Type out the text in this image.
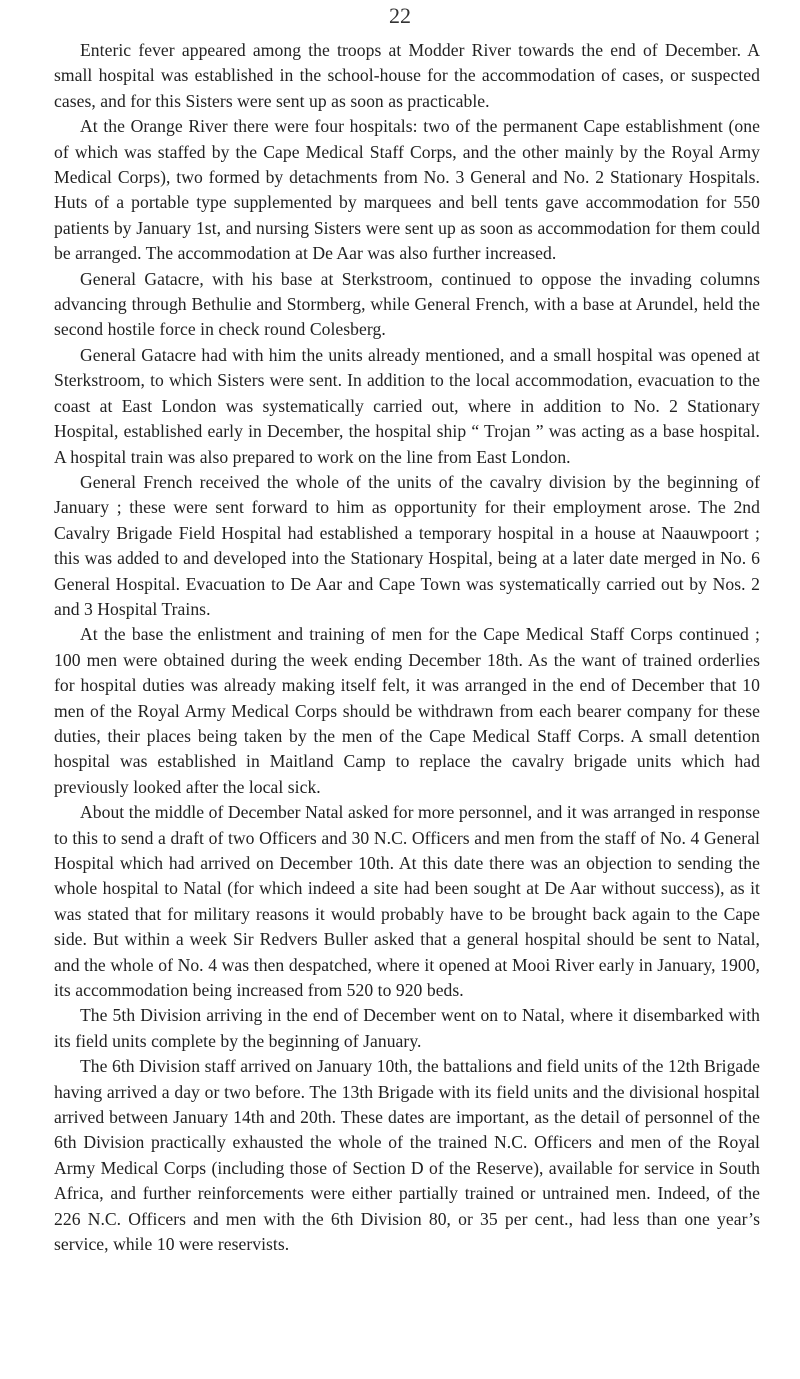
22

Enteric fever appeared among the troops at Modder River towards the end of December. A small hospital was established in the school-house for the accommodation of cases, or suspected cases, and for this Sisters were sent up as soon as practicable.

At the Orange River there were four hospitals: two of the permanent Cape establishment (one of which was staffed by the Cape Medical Staff Corps, and the other mainly by the Royal Army Medical Corps), two formed by detachments from No. 3 General and No. 2 Stationary Hospitals. Huts of a portable type supplemented by marquees and bell tents gave accommodation for 550 patients by January 1st, and nursing Sisters were sent up as soon as accommodation for them could be arranged. The accommodation at De Aar was also further increased.

General Gatacre, with his base at Sterkstroom, continued to oppose the invading columns advancing through Bethulie and Stormberg, while General French, with a base at Arundel, held the second hostile force in check round Colesberg.

General Gatacre had with him the units already mentioned, and a small hospital was opened at Sterkstroom, to which Sisters were sent. In addition to the local accommodation, evacuation to the coast at East London was systematically carried out, where in addition to No. 2 Stationary Hospital, established early in December, the hospital ship “ Trojan ” was acting as a base hospital. A hospital train was also prepared to work on the line from East London.

General French received the whole of the units of the cavalry division by the beginning of January ; these were sent forward to him as opportunity for their employment arose. The 2nd Cavalry Brigade Field Hospital had established a temporary hospital in a house at Naauwpoort ; this was added to and developed into the Stationary Hospital, being at a later date merged in No. 6 General Hospital. Evacuation to De Aar and Cape Town was systematically carried out by Nos. 2 and 3 Hospital Trains.

At the base the enlistment and training of men for the Cape Medical Staff Corps continued ; 100 men were obtained during the week ending December 18th. As the want of trained orderlies for hospital duties was already making itself felt, it was arranged in the end of December that 10 men of the Royal Army Medical Corps should be withdrawn from each bearer company for these duties, their places being taken by the men of the Cape Medical Staff Corps. A small detention hospital was established in Maitland Camp to replace the cavalry brigade units which had previously looked after the local sick.

About the middle of December Natal asked for more personnel, and it was arranged in response to this to send a draft of two Officers and 30 N.C. Officers and men from the staff of No. 4 General Hospital which had arrived on December 10th. At this date there was an objection to sending the whole hospital to Natal (for which indeed a site had been sought at De Aar without success), as it was stated that for military reasons it would probably have to be brought back again to the Cape side. But within a week Sir Redvers Buller asked that a general hospital should be sent to Natal, and the whole of No. 4 was then despatched, where it opened at Mooi River early in January, 1900, its accommodation being increased from 520 to 920 beds.

The 5th Division arriving in the end of December went on to Natal, where it disembarked with its field units complete by the beginning of January.

The 6th Division staff arrived on January 10th, the battalions and field units of the 12th Brigade having arrived a day or two before. The 13th Brigade with its field units and the divisional hospital arrived between January 14th and 20th. These dates are important, as the detail of personnel of the 6th Division practically exhausted the whole of the trained N.C. Officers and men of the Royal Army Medical Corps (including those of Section D of the Reserve), available for service in South Africa, and further reinforcements were either partially trained or untrained men. Indeed, of the 226 N.C. Officers and men with the 6th Division 80, or 35 per cent., had less than one year’s service, while 10 were reservists.
